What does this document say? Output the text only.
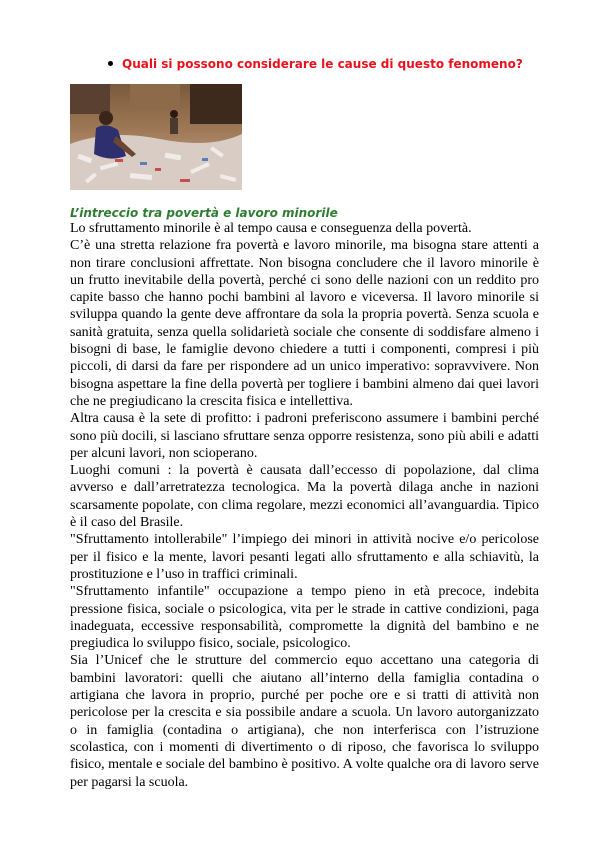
Quali si possono considerare le cause di questo fenomeno?
L’intreccio tra povertà e lavoro minorile

Lo sfruttamento minorile è al tempo causa e conseguenza della povertà.

C’è una stretta relazione fra povertà e lavoro minorile, ma bisogna stare attenti a non tirare conclusioni affrettate. Non bisogna concludere che il lavoro minorile è un frutto inevitabile della povertà, perché ci sono delle nazioni con un reddito pro capite basso che hanno pochi bambini al lavoro e viceversa. Il lavoro minorile si sviluppa quando la gente deve affrontare da sola la propria povertà. Senza scuola e sanità gratuita, senza quella solidarietà sociale che consente di soddisfare almeno i bisogni di base, le famiglie devono chiedere a tutti i componenti, compresi i più piccoli, di darsi da fare per rispondere ad un unico imperativo: sopravvivere. Non bisogna aspettare la fine della povertà per togliere i bambini almeno dai quei lavori che ne pregiudicano la crescita fisica e intellettiva.

Altra causa è la sete di profitto: i padroni preferiscono assumere i bambini perché sono più docili, si lasciano sfruttare senza opporre resistenza, sono più abili e adatti per alcuni lavori, non scioperano.

Luoghi comuni : la povertà è causata dall’eccesso di popolazione, dal clima avverso e dall’arretratezza tecnologica. Ma la povertà dilaga anche in nazioni scarsamente popolate, con clima regolare, mezzi economici all’avanguardia. Tipico è il caso del Brasile.

"Sfruttamento intollerabile" l’impiego dei minori in attività nocive e/o pericolose per il fisico e la mente, lavori pesanti legati allo sfruttamento e alla schiavitù, la prostituzione e l’uso in traffici criminali.

"Sfruttamento infantile" occupazione a tempo pieno in età precoce, indebita pressione fisica, sociale o psicologica, vita per le strade in cattive condizioni, paga inadeguata, eccessive responsabilità, compromette la dignità del bambino e ne pregiudica lo sviluppo fisico, sociale, psicologico.

Sia l’Unicef che le strutture del commercio equo accettano una categoria di bambini lavoratori: quelli che aiutano all’interno della famiglia contadina o artigiana che lavora in proprio, purché per poche ore e si tratti di attività non pericolose per la crescita e sia possibile andare a scuola. Un lavoro autorganizzato o in famiglia (contadina o artigiana), che non interferisca con l’istruzione scolastica, con i momenti di divertimento o di riposo, che favorisca lo sviluppo fisico, mentale e sociale del bambino è positivo. A volte qualche ora di lavoro serve per pagarsi la scuola.
